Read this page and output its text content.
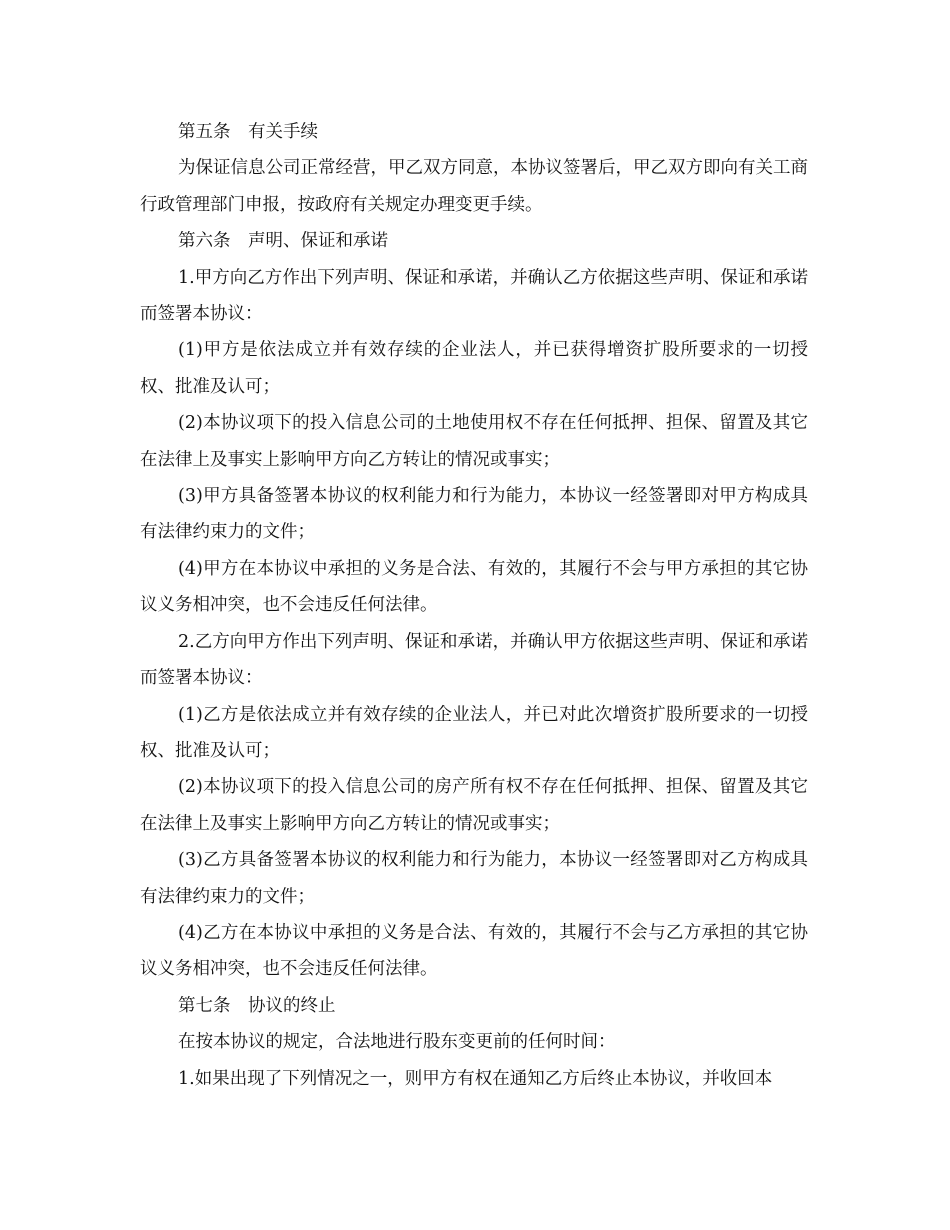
第五条　有关手续

为保证信息公司正常经营，甲乙双方同意，本协议签署后，甲乙双方即向有关工商行政管理部门申报，按政府有关规定办理变更手续。

第六条　声明、保证和承诺

1.甲方向乙方作出下列声明、保证和承诺，并确认乙方依据这些声明、保证和承诺而签署本协议：

(1)甲方是依法成立并有效存续的企业法人，并已获得增资扩股所要求的一切授权、批准及认可；

(2)本协议项下的投入信息公司的土地使用权不存在任何抵押、担保、留置及其它在法律上及事实上影响甲方向乙方转让的情况或事实；

(3)甲方具备签署本协议的权利能力和行为能力，本协议一经签署即对甲方构成具有法律约束力的文件；

(4)甲方在本协议中承担的义务是合法、有效的，其履行不会与甲方承担的其它协议义务相冲突，也不会违反任何法律。

2.乙方向甲方作出下列声明、保证和承诺，并确认甲方依据这些声明、保证和承诺而签署本协议：

(1)乙方是依法成立并有效存续的企业法人，并已对此次增资扩股所要求的一切授权、批准及认可；

(2)本协议项下的投入信息公司的房产所有权不存在任何抵押、担保、留置及其它在法律上及事实上影响甲方向乙方转让的情况或事实；

(3)乙方具备签署本协议的权利能力和行为能力，本协议一经签署即对乙方构成具有法律约束力的文件；

(4)乙方在本协议中承担的义务是合法、有效的，其履行不会与乙方承担的其它协议义务相冲突，也不会违反任何法律。

第七条　协议的终止

在按本协议的规定，合法地进行股东变更前的任何时间：

1.如果出现了下列情况之一，则甲方有权在通知乙方后终止本协议，并收回本
